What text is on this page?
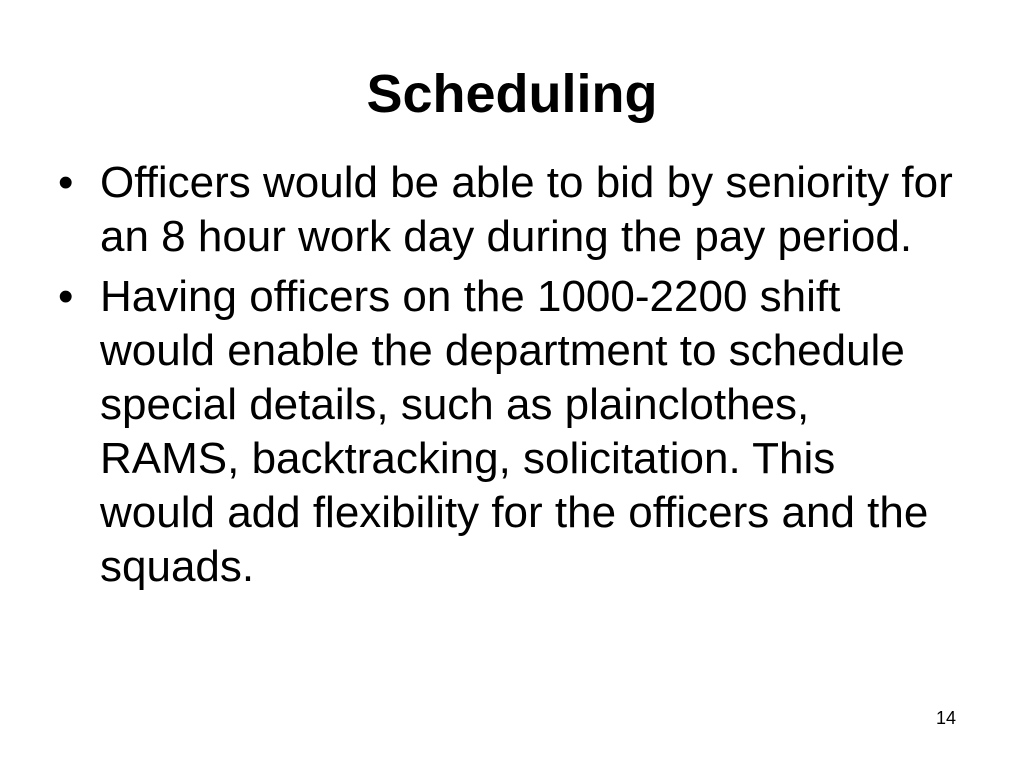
Scheduling
• Officers would be able to bid by seniority for an 8 hour work day during the pay period.
• Having officers on the 1000-2200 shift would enable the department to schedule special details, such as plainclothes, RAMS, backtracking, solicitation. This would add flexibility for the officers and the squads.
14
